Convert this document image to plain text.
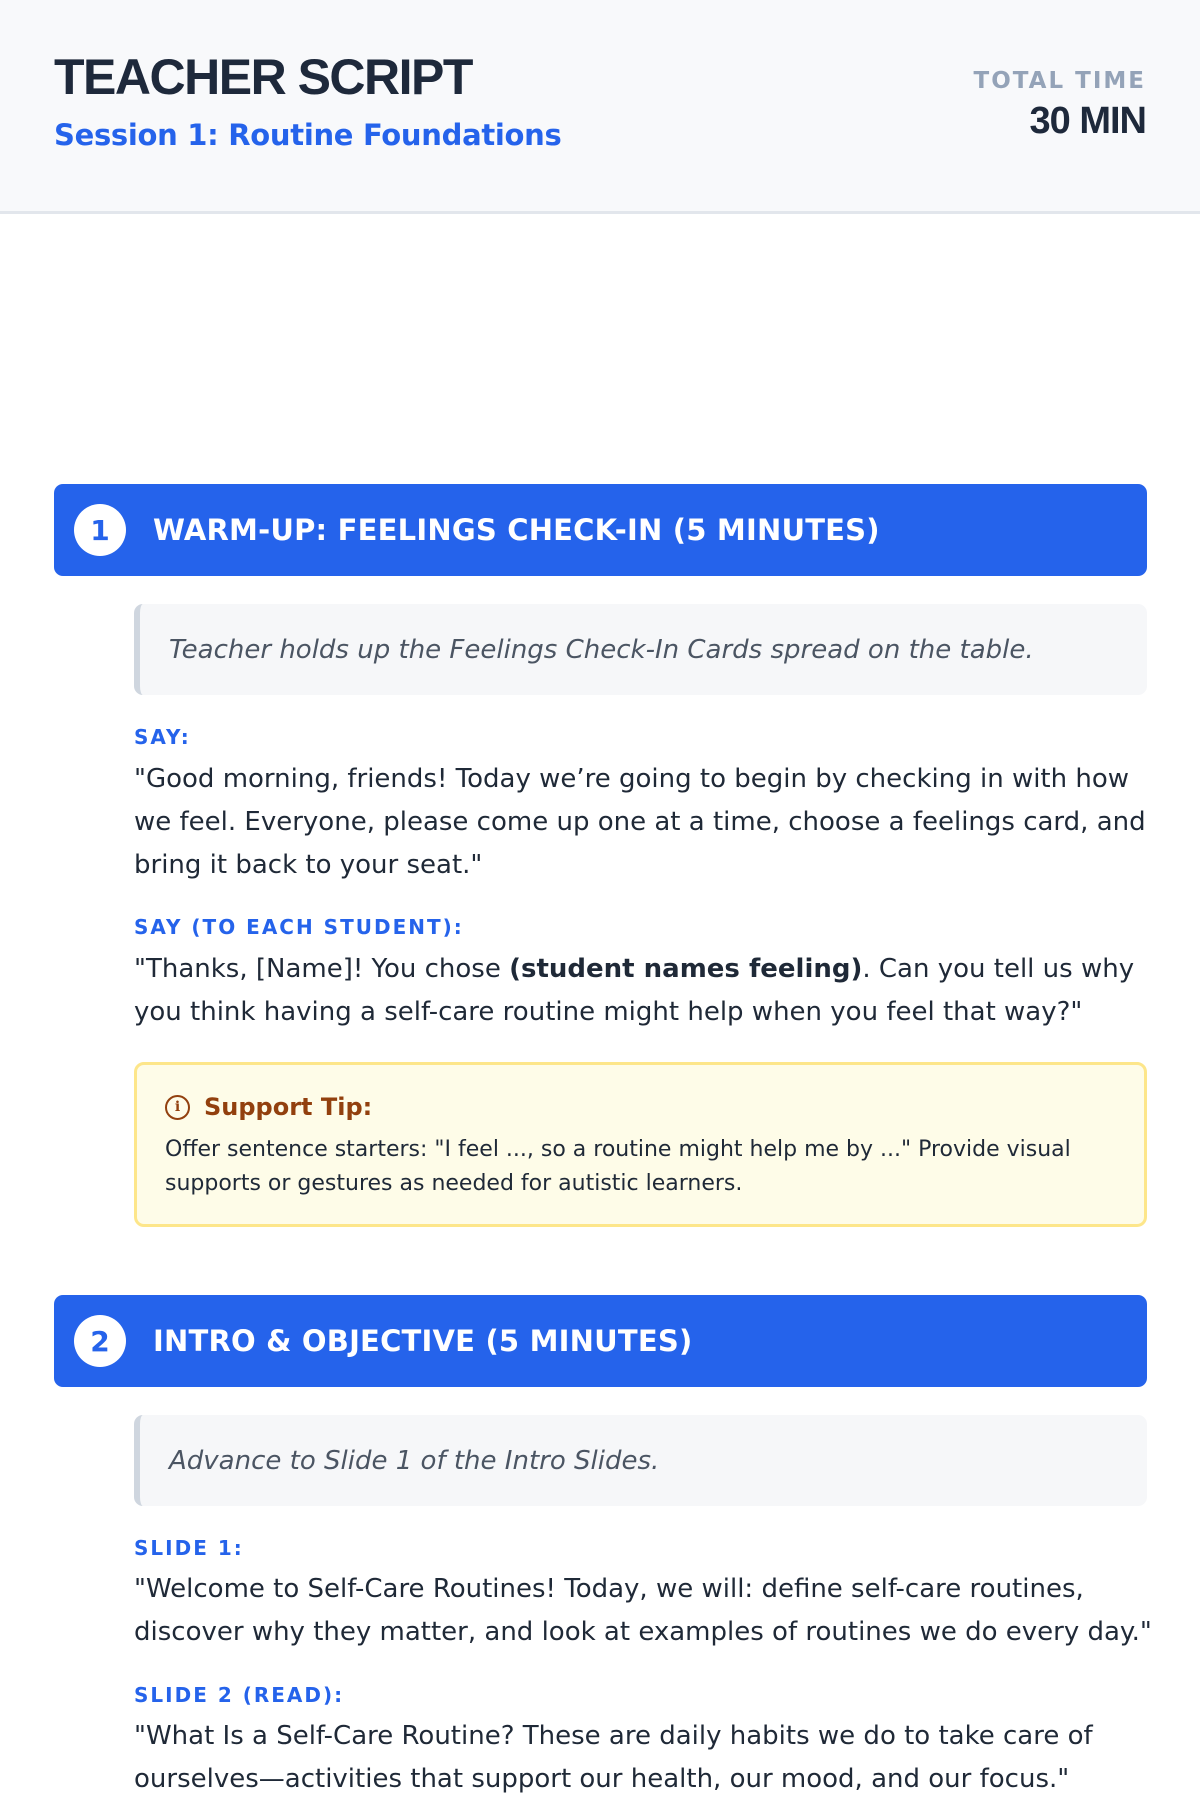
TEACHER SCRIPT
Session 1: Routine Foundations
TOTAL TIME
30 MIN
1	WARM-UP: FEELINGS CHECK-IN (5 MINUTES)
Teacher holds up the Feelings Check-In Cards spread on the table.
SAY:
"Good morning, friends! Today we’re going to begin by checking in with how we feel. Everyone, please come up one at a time, choose a feelings card, and bring it back to your seat."
SAY (TO EACH STUDENT):
"Thanks, [Name]! You chose (student names feeling). Can you tell us why you think having a self-care routine might help when you feel that way?"
i Support Tip:
Offer sentence starters: "I feel ..., so a routine might help me by ..." Provide visual supports or gestures as needed for autistic learners.
2	INTRO & OBJECTIVE (5 MINUTES)
Advance to Slide 1 of the Intro Slides.
SLIDE 1:
"Welcome to Self-Care Routines! Today, we will: define self-care routines, discover why they matter, and look at examples of routines we do every day."
SLIDE 2 (READ):
"What Is a Self-Care Routine? These are daily habits we do to take care of ourselves—activities that support our health, our mood, and our focus."
